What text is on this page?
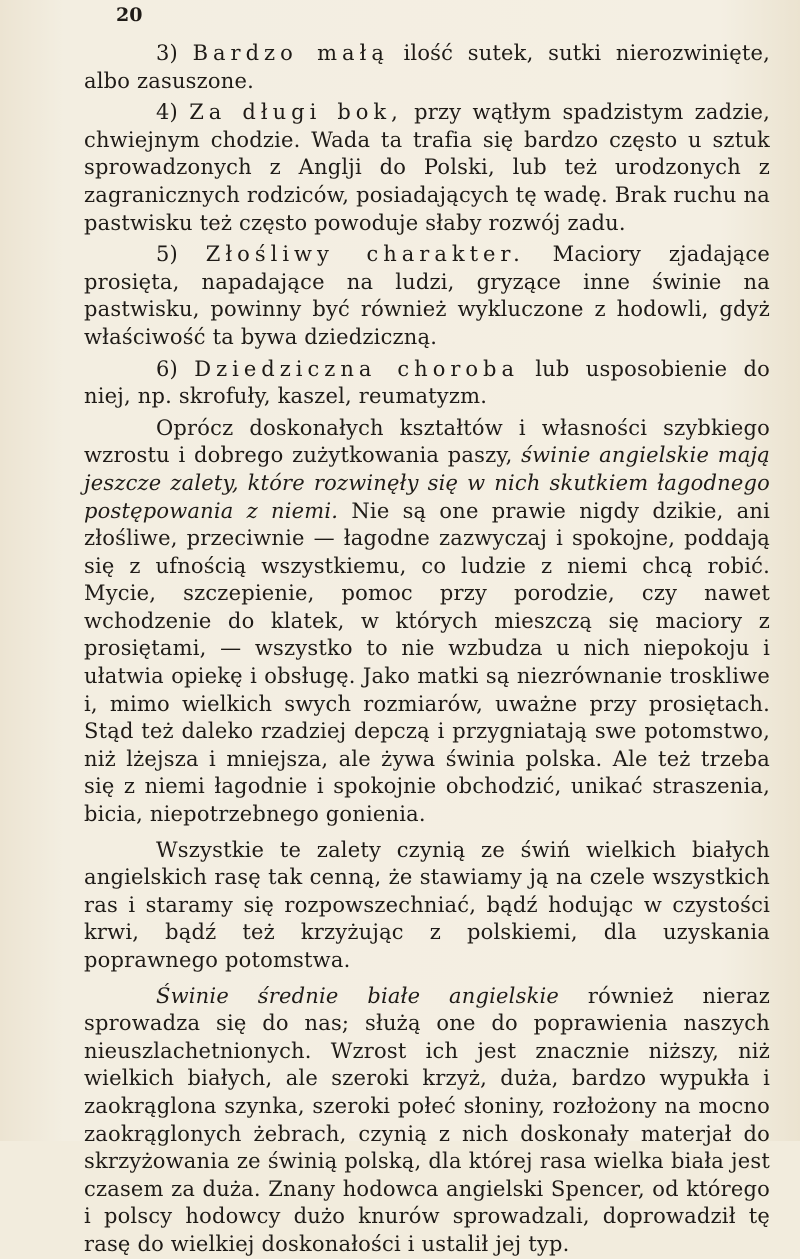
20

3) Bardzo małą ilość sutek, sutki nierozwinięte, albo zasuszone.

4) Za długi bok, przy wątłym spadzistym zadzie, chwiejnym chodzie. Wada ta trafia się bardzo często u sztuk sprowadzonych z Anglji do Polski, lub też urodzonych z zagranicznych rodziców, posiadających tę wadę. Brak ruchu na pastwisku też często powoduje słaby rozwój zadu.

5) Złośliwy charakter. Maciory zjadające prosięta, napadające na ludzi, gryzące inne świnie na pastwisku, powinny być również wykluczone z hodowli, gdyż właściwość ta bywa dziedziczną.

6) Dziedziczna choroba lub usposobienie do niej, np. skrofuły, kaszel, reumatyzm.

Oprócz doskonałych kształtów i własności szybkiego wzrostu i dobrego zużytkowania paszy, świnie angielskie mają jeszcze zalety, które rozwinęły się w nich skutkiem łagodnego postępowania z niemi. Nie są one prawie nigdy dzikie, ani złośliwe, przeciwnie — łagodne zazwyczaj i spokojne, poddają się z ufnością wszystkiemu, co ludzie z niemi chcą robić. Mycie, szczepienie, pomoc przy porodzie, czy nawet wchodzenie do klatek, w których mieszczą się maciory z prosiętami, — wszystko to nie wzbudza u nich niepokoju i ułatwia opiekę i obsługę. Jako matki są niezrównanie troskliwe i, mimo wielkich swych rozmiarów, uważne przy prosiętach. Stąd też daleko rzadziej depczą i przygniatają swe potomstwo, niż lżejsza i mniejsza, ale żywa świnia polska. Ale też trzeba się z niemi łagodnie i spokojnie obchodzić, unikać straszenia, bicia, niepotrzebnego gonienia.

Wszystkie te zalety czynią ze świń wielkich białych angielskich rasę tak cenną, że stawiamy ją na czele wszystkich ras i staramy się rozpowszechniać, bądź hodując w czystości krwi, bądź też krzyżując z polskiemi, dla uzyskania poprawnego potomstwa.

Świnie średnie białe angielskie również nieraz sprowadza się do nas; służą one do poprawienia naszych nieuszlachetnionych. Wzrost ich jest znacznie niższy, niż wielkich białych, ale szeroki krzyż, duża, bardzo wypukła i zaokrąglona szynka, szeroki połeć słoniny, rozłożony na mocno zaokrąglonych żebrach, czynią z nich doskonały materjał do skrzyżowania ze świnią polską, dla której rasa wielka biała jest czasem za duża. Znany hodowca angielski Spencer, od którego i polscy hodowcy dużo knurów sprowadzali, doprowadził tę rasę do wielkiej doskonałości i ustalił jej typ.
